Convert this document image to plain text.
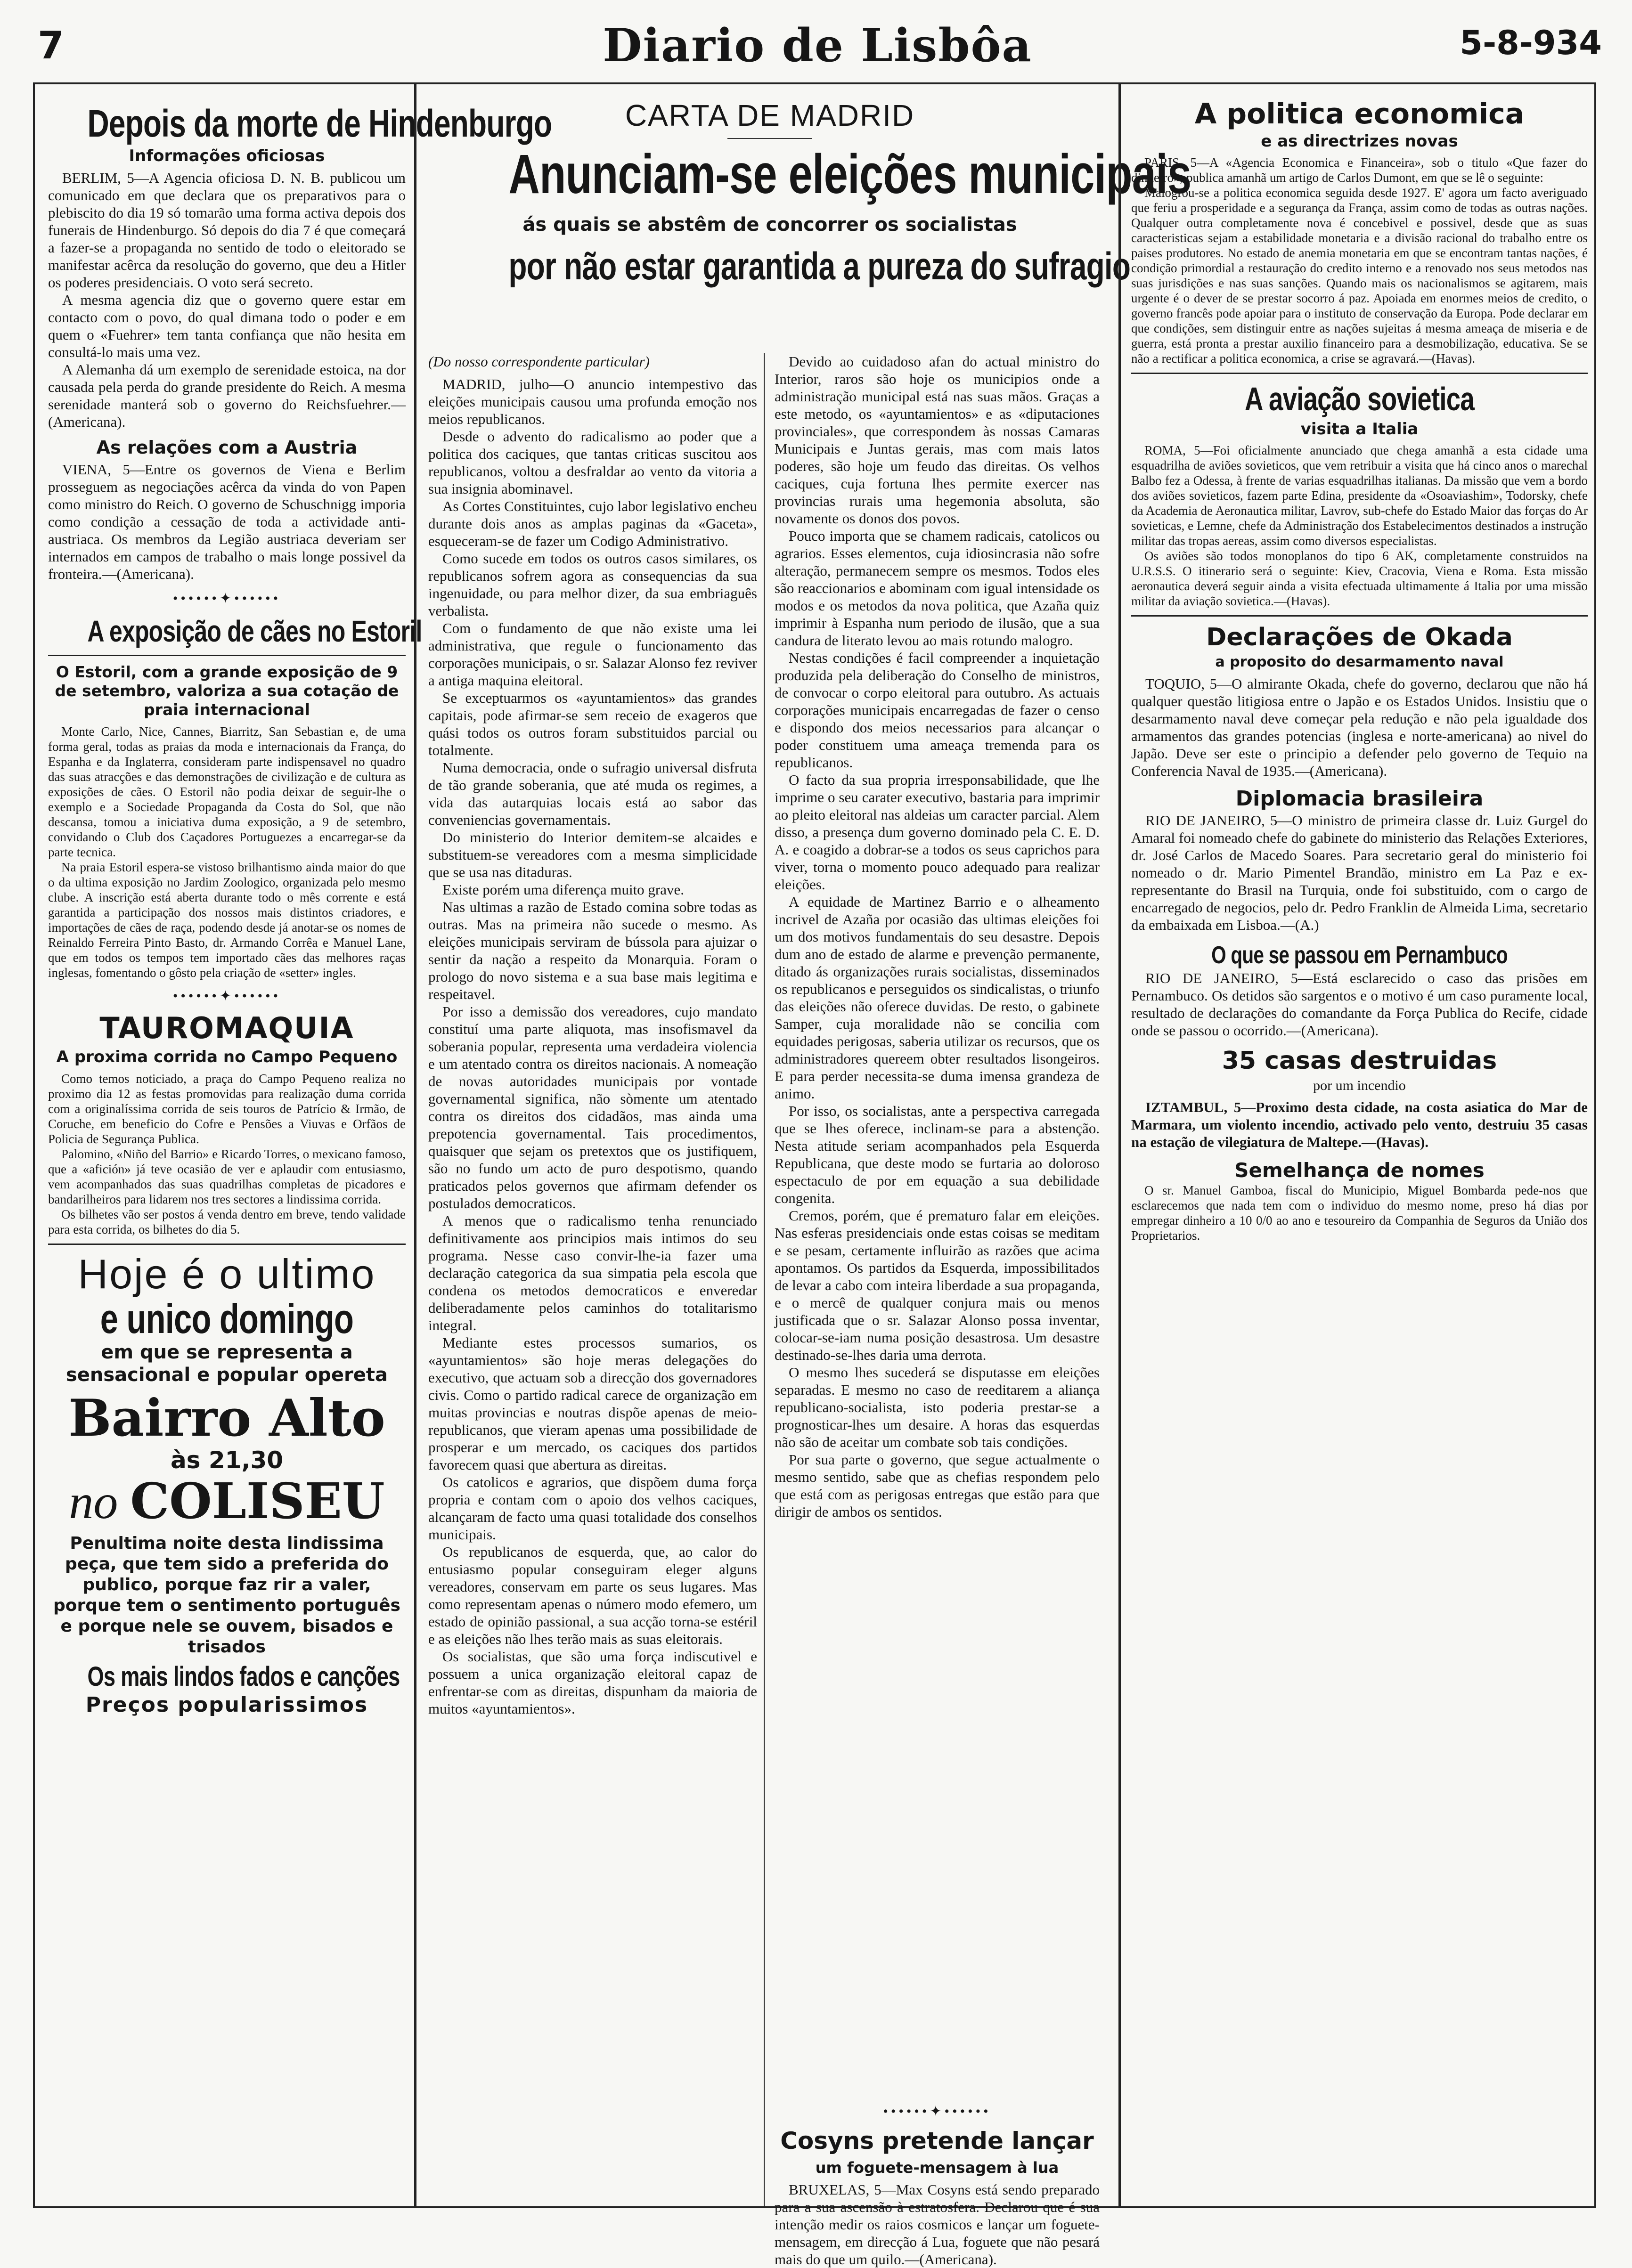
7	Diario de Lisbôa	5-8-934
Depois da morte de Hindenburgo
Informações oficiosas

BERLIM, 5—A Agencia oficiosa D. N. B. publicou um comunicado em que declara que os preparativos para o plebiscito do dia 19 só tomarão uma forma activa depois dos funerais de Hindenburgo. Só depois do dia 7 é que começará a fazer-se a propaganda no sentido de todo o eleitorado se manifestar acêrca da resolução do governo, que deu a Hitler os poderes presidenciais. O voto será secreto.

A mesma agencia diz que o governo quere estar em contacto com o povo, do qual dimana todo o poder e em quem o «Fuehrer» tem tanta confiança que não hesita em consultá-lo mais uma vez.

A Alemanha dá um exemplo de serenidade estoica, na dor causada pela perda do grande presidente do Reich. A mesma serenidade manterá sob o governo do Reichsfuehrer.—(Americana).

As relações com a Austria

VIENA, 5—Entre os governos de Viena e Berlim prosseguem as negociações acêrca da vinda do von Papen como ministro do Reich. O governo de Schuschnigg imporia como condição a cessação de toda a actividade anti-austriaca. Os membros da Legião austriaca deveriam ser internados em campos de trabalho o mais longe possivel da fronteira.—(Americana).

••••••✦••••••
A exposição de cães no Estoril
O Estoril, com a grande exposição de 9 de setembro, valoriza a sua cotação de praia internacional

Monte Carlo, Nice, Cannes, Biarritz, San Sebastian e, de uma forma geral, todas as praias da moda e internacionais da França, do Espanha e da Inglaterra, consideram parte indispensavel no quadro das suas atracções e das demonstrações de civilização e de cultura as exposições de cães. O Estoril não podia deixar de seguir-lhe o exemplo e a Sociedade Propaganda da Costa do Sol, que não descansa, tomou a iniciativa duma exposição, a 9 de setembro, convidando o Club dos Caçadores Portuguezes a encarregar-se da parte tecnica.

Na praia Estoril espera-se vistoso brilhantismo ainda maior do que o da ultima exposição no Jardim Zoologico, organizada pelo mesmo clube. A inscrição está aberta durante todo o mês corrente e está garantida a participação dos nossos mais distintos criadores, e importações de cães de raça, podendo desde já anotar-se os nomes de Reinaldo Ferreira Pinto Basto, dr. Armando Corrêa e Manuel Lane, que em todos os tempos tem importado cães das melhores raças inglesas, fomentando o gôsto pela criação de «setter» ingles.

••••••✦••••••
TAUROMAQUIA
A proxima corrida no Campo Pequeno

Como temos noticiado, a praça do Campo Pequeno realiza no proximo dia 12 as festas promovidas para realização duma corrida com a originalíssima corrida de seis touros de Patrício & Irmão, de Coruche, em beneficio do Cofre e Pensões a Viuvas e Orfãos de Policia de Segurança Publica.

Palomino, «Niño del Barrio» e Ricardo Torres, o mexicano famoso, que a «afición» já teve ocasião de ver e aplaudir com entusiasmo, vem acompanhados das suas quadrilhas completas de picadores e bandarilheiros para lidarem nos tres sectores a lindissima corrida.

Os bilhetes vão ser postos á venda dentro em breve, tendo validade para esta corrida, os bilhetes do dia 5.

Hoje é o ultimo
e unico domingo
em que se representa a sensacional e popular opereta
Bairro Alto
às 21,30
no COLISEU
Penultima noite desta lindissima peça, que tem sido a preferida do publico, porque faz rir a valer, porque tem o sentimento português e porque nele se ouvem, bisados e trisados
Os mais lindos fados e canções
Preços popularissimos
CARTA DE MADRID
Anunciam-se eleições municipais
ás quais se abstêm de concorrer os socialistas
por não estar garantida a pureza do sufragio

(Do nosso correspondente particular)

MADRID, julho—O anuncio intempestivo das eleições municipais causou uma profunda emoção nos meios republicanos.

Desde o advento do radicalismo ao poder que a politica dos caciques, que tantas criticas suscitou aos republicanos, voltou a desfraldar ao vento da vitoria a sua insignia abominavel.

As Cortes Constituintes, cujo labor legislativo encheu durante dois anos as amplas paginas da «Gaceta», esqueceram-se de fazer um Codigo Administrativo.

Como sucede em todos os outros casos similares, os republicanos sofrem agora as consequencias da sua ingenuidade, ou para melhor dizer, da sua embriaguês verbalista.

Com o fundamento de que não existe uma lei administrativa, que regule o funcionamento das corporações municipais, o sr. Salazar Alonso fez reviver a antiga maquina eleitoral.

Se exceptuarmos os «ayuntamientos» das grandes capitais, pode afirmar-se sem receio de exageros que quási todos os outros foram substituidos parcial ou totalmente.

Numa democracia, onde o sufragio universal disfruta de tão grande soberania, que até muda os regimes, a vida das autarquias locais está ao sabor das conveniencias governamentais.

Do ministerio do Interior demitem-se alcaides e substituem-se vereadores com a mesma simplicidade que se usa nas ditaduras.

Existe porém uma diferença muito grave.

Nas ultimas a razão de Estado comina sobre todas as outras. Mas na primeira não sucede o mesmo. As eleições municipais serviram de bússola para ajuizar o sentir da nação a respeito da Monarquia. Foram o prologo do novo sistema e a sua base mais legitima e respeitavel.

Por isso a demissão dos vereadores, cujo mandato constituí uma parte aliquota, mas insofismavel da soberania popular, representa uma verdadeira violencia e um atentado contra os direitos nacionais. A nomeação de novas autoridades municipais por vontade governamental significa, não sòmente um atentado contra os direitos dos cidadãos, mas ainda uma prepotencia governamental. Tais procedimentos, quaisquer que sejam os pretextos que os justifiquem, são no fundo um acto de puro despotismo, quando praticados pelos governos que afirmam defender os postulados democraticos.

A menos que o radicalismo tenha renunciado definitivamente aos principios mais intimos do seu programa. Nesse caso convir-lhe-ia fazer uma declaração categorica da sua simpatia pela escola que condena os metodos democraticos e enveredar deliberadamente pelos caminhos do totalitarismo integral.

Mediante estes processos sumarios, os «ayuntamientos» são hoje meras delegações do executivo, que actuam sob a direcção dos governadores civis. Como o partido radical carece de organização em muitas provincias e noutras dispõe apenas de meio-republicanos, que vieram apenas uma possibilidade de prosperar e um mercado, os caciques dos partidos favorecem quasi que abertura as direitas.

Os catolicos e agrarios, que dispõem duma força propria e contam com o apoio dos velhos caciques, alcançaram de facto uma quasi totalidade dos conselhos municipais.

Os republicanos de esquerda, que, ao calor do entusiasmo popular conseguiram eleger alguns vereadores, conservam em parte os seus lugares. Mas como representam apenas o número modo efemero, um estado de opinião passional, a sua acção torna-se estéril e as eleições não lhes terão mais as suas eleitorais.

Os socialistas, que são uma força indiscutivel e possuem a unica organização eleitoral capaz de enfrentar-se com as direitas, dispunham da maioria de muitos «ayuntamientos».

Devido ao cuidadoso afan do actual ministro do Interior, raros são hoje os municipios onde a administração municipal está nas suas mãos. Graças a este metodo, os «ayuntamientos» e as «diputaciones provinciales», que correspondem às nossas Camaras Municipais e Juntas gerais, mas com mais latos poderes, são hoje um feudo das direitas. Os velhos caciques, cuja fortuna lhes permite exercer nas provincias rurais uma hegemonia absoluta, são novamente os donos dos povos.

Pouco importa que se chamem radicais, catolicos ou agrarios. Esses elementos, cuja idiosincrasia não sofre alteração, permanecem sempre os mesmos. Todos eles são reaccionarios e abominam com igual intensidade os modos e os metodos da nova politica, que Azaña quiz imprimir à Espanha num periodo de ilusão, que a sua candura de literato levou ao mais rotundo malogro.

Nestas condições é facil compreender a inquietação produzida pela deliberação do Conselho de ministros, de convocar o corpo eleitoral para outubro. As actuais corporações municipais encarregadas de fazer o censo e dispondo dos meios necessarios para alcançar o poder constituem uma ameaça tremenda para os republicanos.

O facto da sua propria irresponsabilidade, que lhe imprime o seu carater executivo, bastaria para imprimir ao pleito eleitoral nas aldeias um caracter parcial. Alem disso, a presença dum governo dominado pela C. E. D. A. e coagido a dobrar-se a todos os seus caprichos para viver, torna o momento pouco adequado para realizar eleições.

A equidade de Martinez Barrio e o alheamento incrivel de Azaña por ocasião das ultimas eleições foi um dos motivos fundamentais do seu desastre. Depois dum ano de estado de alarme e prevenção permanente, ditado ás organizações rurais socialistas, disseminados os republicanos e perseguidos os sindicalistas, o triunfo das eleições não oferece duvidas. De resto, o gabinete Samper, cuja moralidade não se concilia com equidades perigosas, saberia utilizar os recursos, que os administradores quereem obter resultados lisongeiros. E para perder necessita-se duma imensa grandeza de animo.

Por isso, os socialistas, ante a perspectiva carregada que se lhes oferece, inclinam-se para a abstenção. Nesta atitude seriam acompanhados pela Esquerda Republicana, que deste modo se furtaria ao doloroso espectaculo de por em equação a sua debilidade congenita.

Cremos, porém, que é prematuro falar em eleições. Nas esferas presidenciais onde estas coisas se meditam e se pesam, certamente influirão as razões que acima apontamos. Os partidos da Esquerda, impossibilitados de levar a cabo com inteira liberdade a sua propaganda, e o mercê de qualquer conjura mais ou menos justificada que o sr. Salazar Alonso possa inventar, colocar-se-iam numa posição desastrosa. Um desastre destinado-se-lhes daria uma derrota.

O mesmo lhes sucederá se disputasse em eleições separadas. E mesmo no caso de reeditarem a aliança republicano-socialista, isto poderia prestar-se a prognosticar-lhes um desaire. A horas das esquerdas não são de aceitar um combate sob tais condições.

Por sua parte o governo, que segue actualmente o mesmo sentido, sabe que as chefias respondem pelo que está com as perigosas entregas que estão para que dirigir de ambos os sentidos.

••••••✦••••••
Cosyns pretende lançar
um foguete-mensagem à lua

BRUXELAS, 5—Max Cosyns está sendo preparado para a sua ascensão à estratosfera. Declarou que é sua intenção medir os raios cosmicos e lançar um foguete-mensagem, em direcção á Lua, foguete que não pesará mais do que um quilo.—(Americana).

A politica economica
e as directrizes novas

PARIS, 5—A «Agencia Economica e Financeira», sob o titulo «Que fazer do dinheiro», publica amanhã um artigo de Carlos Dumont, em que se lê o seguinte:

Malogrou-se a politica economica seguida desde 1927. E' agora um facto averiguado que feriu a prosperidade e a segurança da França, assim como de todas as outras nações. Qualquer outra completamente nova é concebivel e possivel, desde que as suas caracteristicas sejam a estabilidade monetaria e a divisão racional do trabalho entre os paises produtores. No estado de anemia monetaria em que se encontram tantas nações, é condição primordial a restauração do credito interno e a renovado nos seus metodos nas suas jurisdições e nas suas sanções. Quando mais os nacionalismos se agitarem, mais urgente é o dever de se prestar socorro á paz. Apoiada em enormes meios de credito, o governo francês pode apoiar para o instituto de conservação da Europa. Pode declarar em que condições, sem distinguir entre as nações sujeitas á mesma ameaça de miseria e de guerra, está pronta a prestar auxilio financeiro para a desmobilização, educativa. Se se não a rectificar a politica economica, a crise se agravará.—(Havas).

A aviação sovietica
visita a Italia

ROMA, 5—Foi oficialmente anunciado que chega amanhã a esta cidade uma esquadrilha de aviões sovieticos, que vem retribuir a visita que há cinco anos o marechal Balbo fez a Odessa, à frente de varias esquadrilhas italianas. Da missão que vem a bordo dos aviões sovieticos, fazem parte Edina, presidente da «Osoaviashim», Todorsky, chefe da Academia de Aeronautica militar, Lavrov, sub-chefe do Estado Maior das forças do Ar sovieticas, e Lemne, chefe da Administração dos Estabelecimentos destinados a instrução militar das tropas aereas, assim como diversos especialistas.

Os aviões são todos monoplanos do tipo 6 AK, completamente construidos na U.R.S.S. O itinerario será o seguinte: Kiev, Cracovia, Viena e Roma. Esta missão aeronautica deverá seguir ainda a visita efectuada ultimamente á Italia por uma missão militar da aviação sovietica.—(Havas).

Declarações de Okada
a proposito do desarmamento naval

TOQUIO, 5—O almirante Okada, chefe do governo, declarou que não há qualquer questão litigiosa entre o Japão e os Estados Unidos. Insistiu que o desarmamento naval deve começar pela redução e não pela igualdade dos armamentos das grandes potencias (inglesa e norte-americana) ao nivel do Japão. Deve ser este o principio a defender pelo governo de Tequio na Conferencia Naval de 1935.—(Americana).

Diplomacia brasileira

RIO DE JANEIRO, 5—O ministro de primeira classe dr. Luiz Gurgel do Amaral foi nomeado chefe do gabinete do ministerio das Relações Exteriores, dr. José Carlos de Macedo Soares. Para secretario geral do ministerio foi nomeado o dr. Mario Pimentel Brandão, ministro em La Paz e ex-representante do Brasil na Turquia, onde foi substituido, com o cargo de encarregado de negocios, pelo dr. Pedro Franklin de Almeida Lima, secretario da embaixada em Lisboa.—(A.)

O que se passou em Pernambuco

RIO DE JANEIRO, 5—Está esclarecido o caso das prisões em Pernambuco. Os detidos são sargentos e o motivo é um caso puramente local, resultado de declarações do comandante da Força Publica do Recife, cidade onde se passou o ocorrido.—(Americana).

35 casas destruidas
por um incendio

IZTAMBUL, 5—Proximo desta cidade, na costa asiatica do Mar de Marmara, um violento incendio, activado pelo vento, destruiu 35 casas na estação de vilegiatura de Maltepe.—(Havas).

Semelhança de nomes

O sr. Manuel Gamboa, fiscal do Municipio, Miguel Bombarda pede-nos que esclarecemos que nada tem com o individuo do mesmo nome, preso há dias por empregar dinheiro a 10 0/0 ao ano e tesoureiro da Companhia de Seguros da União dos Proprietarios.
